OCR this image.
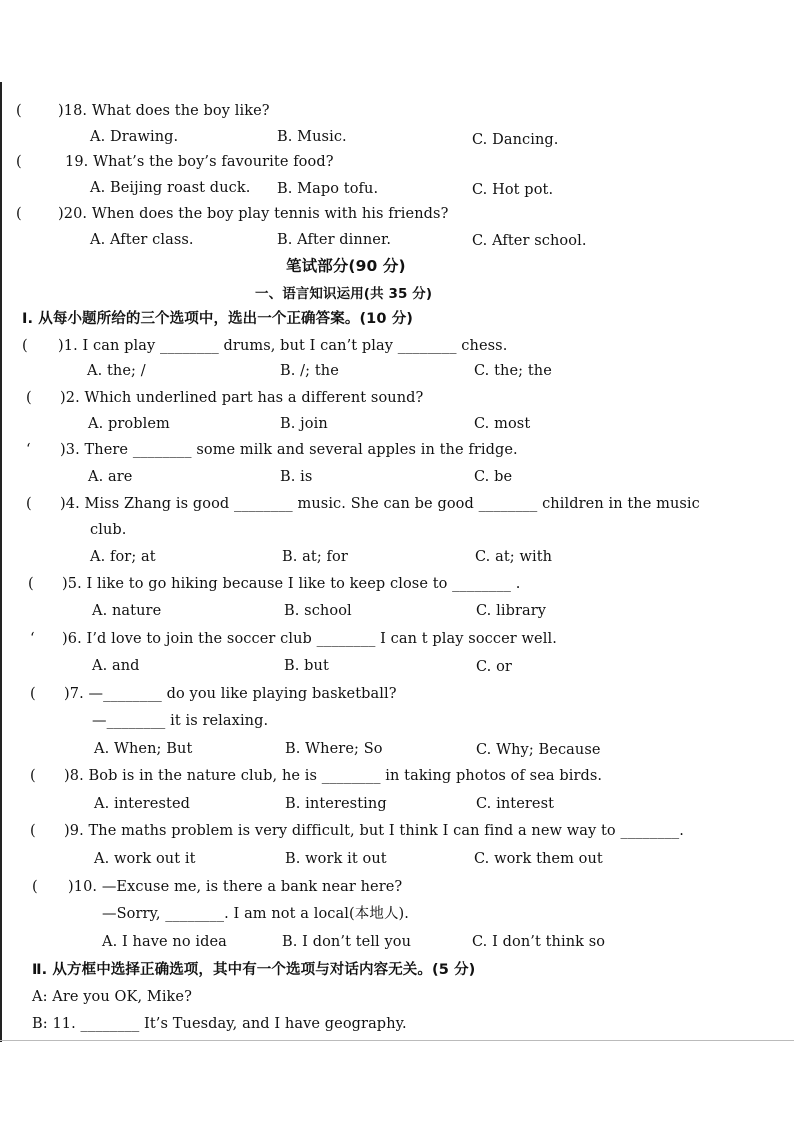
( )18. What does the boy like?
A. Drawing.	B. Music.	C. Dancing.
(	19. What’s the boy’s favourite food?
A. Beijing roast duck. B. Mapo tofu.	C. Hot pot.
( )20. When does the boy play tennis with his friends?
A. After class.	B. After dinner.	C. After school.
笔试部分(90 分)
一、语言知识运用(共 35 分)
Ⅰ. 从每小题所给的三个选项中，选出一个正确答案。(10 分)
( )1. I can play ________ drums, but I can’t play ________ chess.
A. the; /	B. /; the	C. the; the
( )2. Which underlined part has a different sound?
A. problem	B. join	C. most
‘ )3. There ________ some milk and several apples in the fridge.
A. are	B. is	C. be
( )4. Miss Zhang is good ________ music. She can be good ________ children in the music
club.
A. for; at	B. at; for	C. at; with
( )5. I like to go hiking because I like to keep close to ________ .
A. nature	B. school	C. library
‘ )6. I’d love to join the soccer club ________ I can t play soccer well.
A. and	B. but	C. or
( )7. —________ do you like playing basketball?
—________ it is relaxing.
A. When; But	B. Where; So	C. Why; Because
( )8. Bob is in the nature club, he is ________ in taking photos of sea birds.
A. interested	B. interesting	C. interest
( )9. The maths problem is very difficult, but I think I can find a new way to ________.
A. work out it	B. work it out	C. work them out
( )10. —Excuse me, is there a bank near here?
—Sorry, ________. I am not a local(本地人).
A. I have no idea	B. I don’t tell you	C. I don’t think so
Ⅱ. 从方框中选择正确选项，其中有一个选项与对话内容无关。(5 分)
A: Are you OK, Mike?
B: 11. ________ It’s Tuesday, and I have geography.
